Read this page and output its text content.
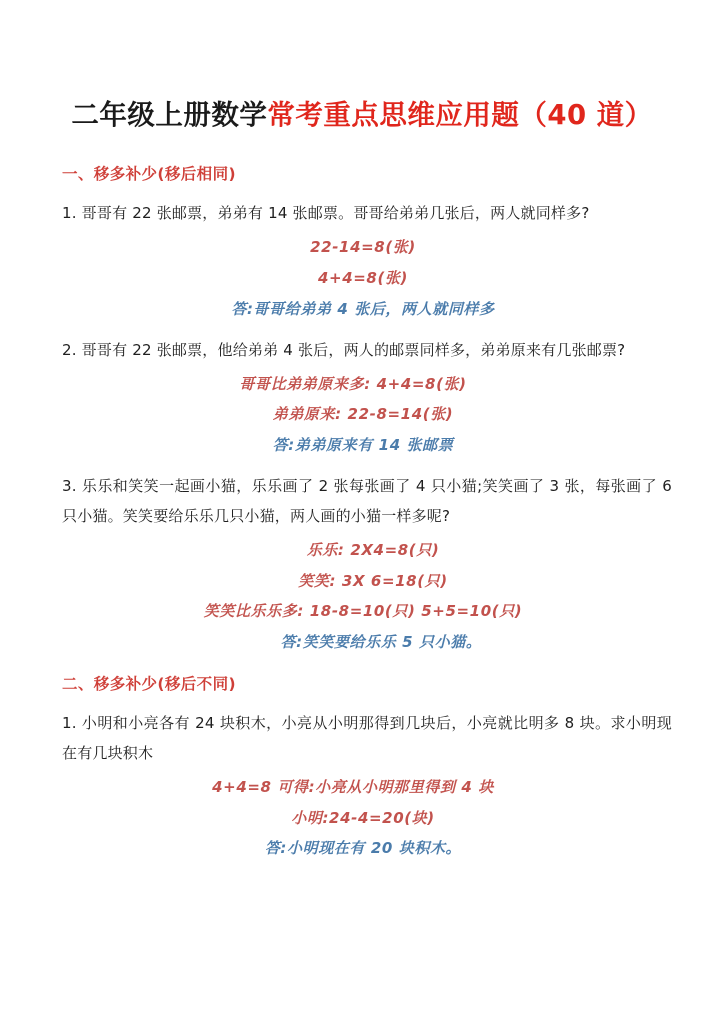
二年级上册数学常考重点思维应用题（40 道）
一、移多补少(移后相同)

1. 哥哥有 22 张邮票，弟弟有 14 张邮票。哥哥给弟弟几张后，两人就同样多?

22-14=8(张)
4+4=8(张)
答:哥哥给弟弟 4 张后，两人就同样多

2. 哥哥有 22 张邮票，他给弟弟 4 张后，两人的邮票同样多，弟弟原来有几张邮票?

哥哥比弟弟原来多: 4+4=8(张)
弟弟原来: 22-8=14(张)
答:弟弟原来有 14 张邮票

3. 乐乐和笑笑一起画小猫，乐乐画了 2 张每张画了 4 只小猫;笑笑画了 3 张，每张画了 6 只小猫。笑笑要给乐乐几只小猫，两人画的小猫一样多呢?

乐乐: 2X4=8(只)
笑笑: 3X 6=18(只)
笑笑比乐乐多: 18-8=10(只) 5+5=10(只)
答:笑笑要给乐乐 5 只小猫。
二、移多补少(移后不同)

1. 小明和小亮各有 24 块积木，小亮从小明那得到几块后，小亮就比明多 8 块。求小明现在有几块积木

4+4=8 可得:小亮从小明那里得到 4 块
小明:24-4=20(块)
答:小明现在有 20 块积木。
